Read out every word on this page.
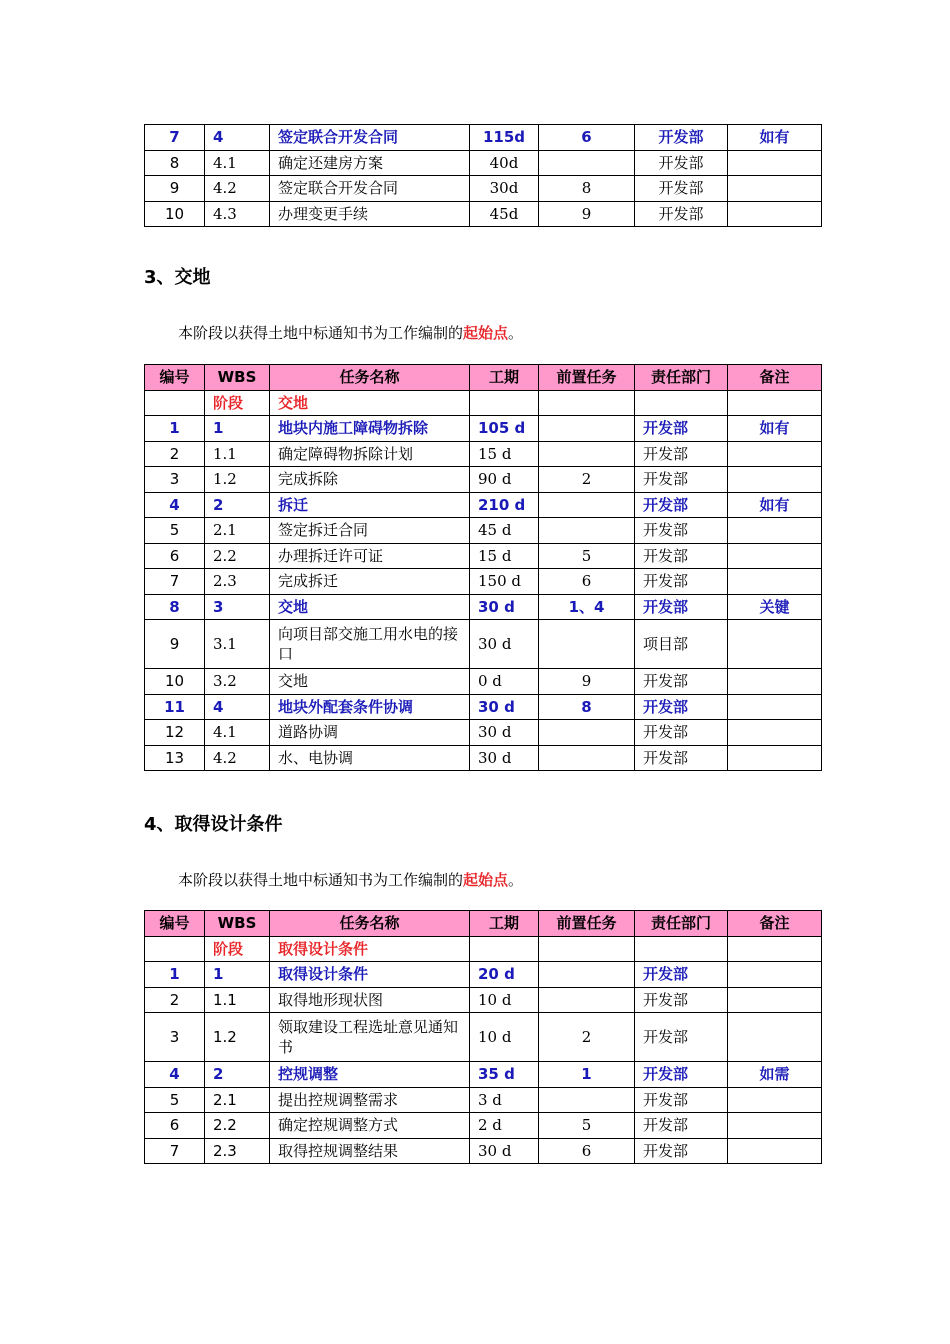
7	4	签定联合开发合同	115d	6	开发部	如有
8	4.1	确定还建房方案	40d		开发部	
9	4.2	签定联合开发合同	30d	8	开发部	
10	4.3	办理变更手续	45d	9	开发部	
3、交地
本阶段以获得土地中标通知书为工作编制的起始点。
编号	WBS	任务名称	工期	前置任务	责任部门	备注
	阶段	交地				
1	1	地块内施工障碍物拆除	105 d		开发部	如有
2	1.1	确定障碍物拆除计划	15 d		开发部	
3	1.2	完成拆除	90 d	2	开发部	
4	2	拆迁	210 d		开发部	如有
5	2.1	签定拆迁合同	45 d		开发部	
6	2.2	办理拆迁许可证	15 d	5	开发部	
7	2.3	完成拆迁	150 d	6	开发部	
8	3	交地	30 d	1、4	开发部	关键
9	3.1	向项目部交施工用水电的接口	30 d		项目部	
10	3.2	交地	0 d	9	开发部	
11	4	地块外配套条件协调	30 d	8	开发部	
12	4.1	道路协调	30 d		开发部	
13	4.2	水、电协调	30 d		开发部	
4、取得设计条件
本阶段以获得土地中标通知书为工作编制的起始点。
编号	WBS	任务名称	工期	前置任务	责任部门	备注
	阶段	取得设计条件				
1	1	取得设计条件	20 d		开发部	
2	1.1	取得地形现状图	10 d		开发部	
3	1.2	领取建设工程选址意见通知书	10 d	2	开发部	
4	2	控规调整	35 d	1	开发部	如需
5	2.1	提出控规调整需求	3 d		开发部	
6	2.2	确定控规调整方式	2 d	5	开发部	
7	2.3	取得控规调整结果	30 d	6	开发部	
